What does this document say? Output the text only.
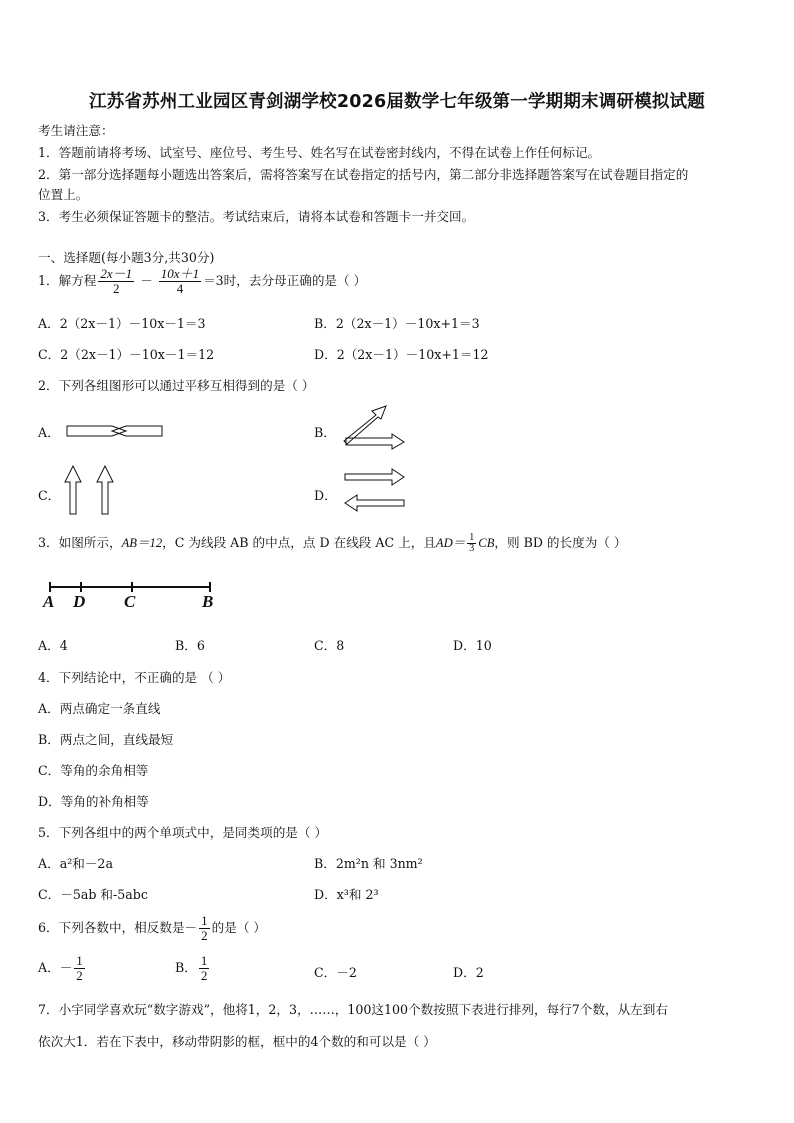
江苏省苏州工业园区青剑湖学校2026届数学七年级第一学期期末调研模拟试题
考生请注意：
1．答题前请将考场、试室号、座位号、考生号、姓名写在试卷密封线内，不得在试卷上作任何标记。
2．第一部分选择题每小题选出答案后，需将答案写在试卷指定的括号内，第二部分非选择题答案写在试卷题目指定的
位置上。
3．考生必须保证答题卡的整洁。考试结束后，请将本试卷和答题卡一并交回。
一、选择题(每小题3分,共30分)
1．解方程 $\frac{2x-1}{2} - \frac{10x+1}{4} =3$时，去分母正确的是（ ）
A．2（2x－1）－10x－1＝3	B．2（2x－1）－10x+1＝3
C．2（2x－1）－10x－1＝12	D．2（2x－1）－10x+1＝12
2．下列各组图形可以通过平移互相得到的是（ ）
A．	B．
C．	D．
3．如图所示，AB＝12，C 为线段 AB 的中点，点 D 在线段 AC 上，且$AD= \frac{1}{3}$ CB，则 BD 的长度为（ ）
A D C	B
A．4	B．6	C．8	D．10
4．下列结论中，不正确的是 （ ）
A．两点确定一条直线
B．两点之间，直线最短
C．等角的余角相等
D．等角的补角相等
5．下列各组中的两个单项式中，是同类项的是（ ）
A．a²和－2a	B．2m²n 和 3nm²
C．－5ab 和-5abc	D．x³和 2³
6．下列各数中，相反数是－ $\frac{1}{2}$ 的是（ ）
A．－ $\frac{1}{2}$	B． $\frac{1}{2}$	C．－2	D．2
7．小宇同学喜欢玩“数字游戏”，他将1，2，3，……，100这100个数按照下表进行排列，每行7个数，从左到右
依次大1．若在下表中，移动带阴影的框，框中的4个数的和可以是（ ）
